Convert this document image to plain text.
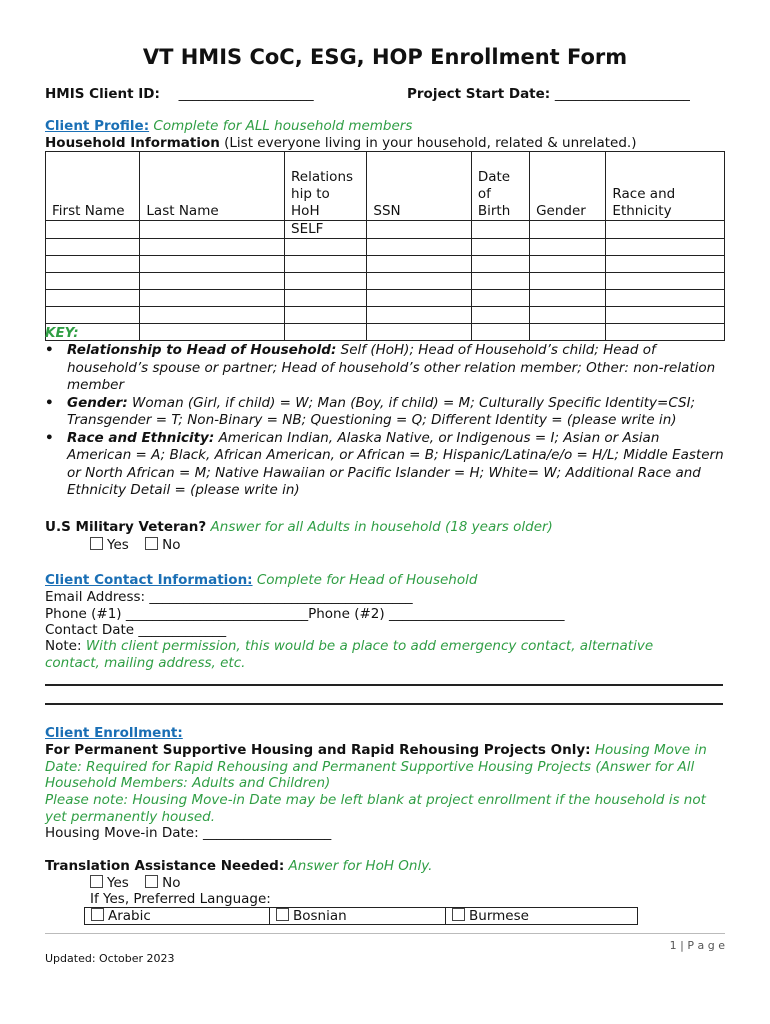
VT HMIS CoC, ESG, HOP Enrollment Form
HMIS Client ID: ____________________	Project Start Date: ____________________
Client Profile: Complete for ALL household members
Household Information (List everyone living in your household, related & unrelated.)
First Name	Last Name	Relations hip to HoH	SSN	Date of Birth	Gender	Race and Ethnicity
		SELF				

KEY:
• Relationship to Head of Household: Self (HoH); Head of Household’s child; Head of household’s spouse or partner; Head of household’s other relation member; Other: non-relation member
• Gender: Woman (Girl, if child) = W; Man (Boy, if child) = M; Culturally Specific Identity=CSI; Transgender = T; Non-Binary = NB; Questioning = Q; Different Identity = (please write in)
• Race and Ethnicity: American Indian, Alaska Native, or Indigenous = I; Asian or Asian American = A; Black, African American, or African = B; Hispanic/Latina/e/o = H/L; Middle Eastern or North African = M; Native Hawaiian or Pacific Islander = H; White= W; Additional Race and Ethnicity Detail = (please write in)
U.S Military Veteran? Answer for all Adults in household (18 years older)
Yes No
Client Contact Information: Complete for Head of Household
Email Address: _______________________________________
Phone (#1) ___________________________Phone (#2) __________________________
Contact Date _____________
Note: With client permission, this would be a place to add emergency contact, alternative contact, mailing address, etc.
Client Enrollment:
For Permanent Supportive Housing and Rapid Rehousing Projects Only: Housing Move in Date: Required for Rapid Rehousing and Permanent Supportive Housing Projects (Answer for All Household Members: Adults and Children)
Please note: Housing Move-in Date may be left blank at project enrollment if the household is not yet permanently housed.
Housing Move-in Date: ___________________
Translation Assistance Needed: Answer for HoH Only.
Yes No
If Yes, Preferred Language:
Arabic	Bosnian	Burmese
1 | P a g e
Updated: October 2023
